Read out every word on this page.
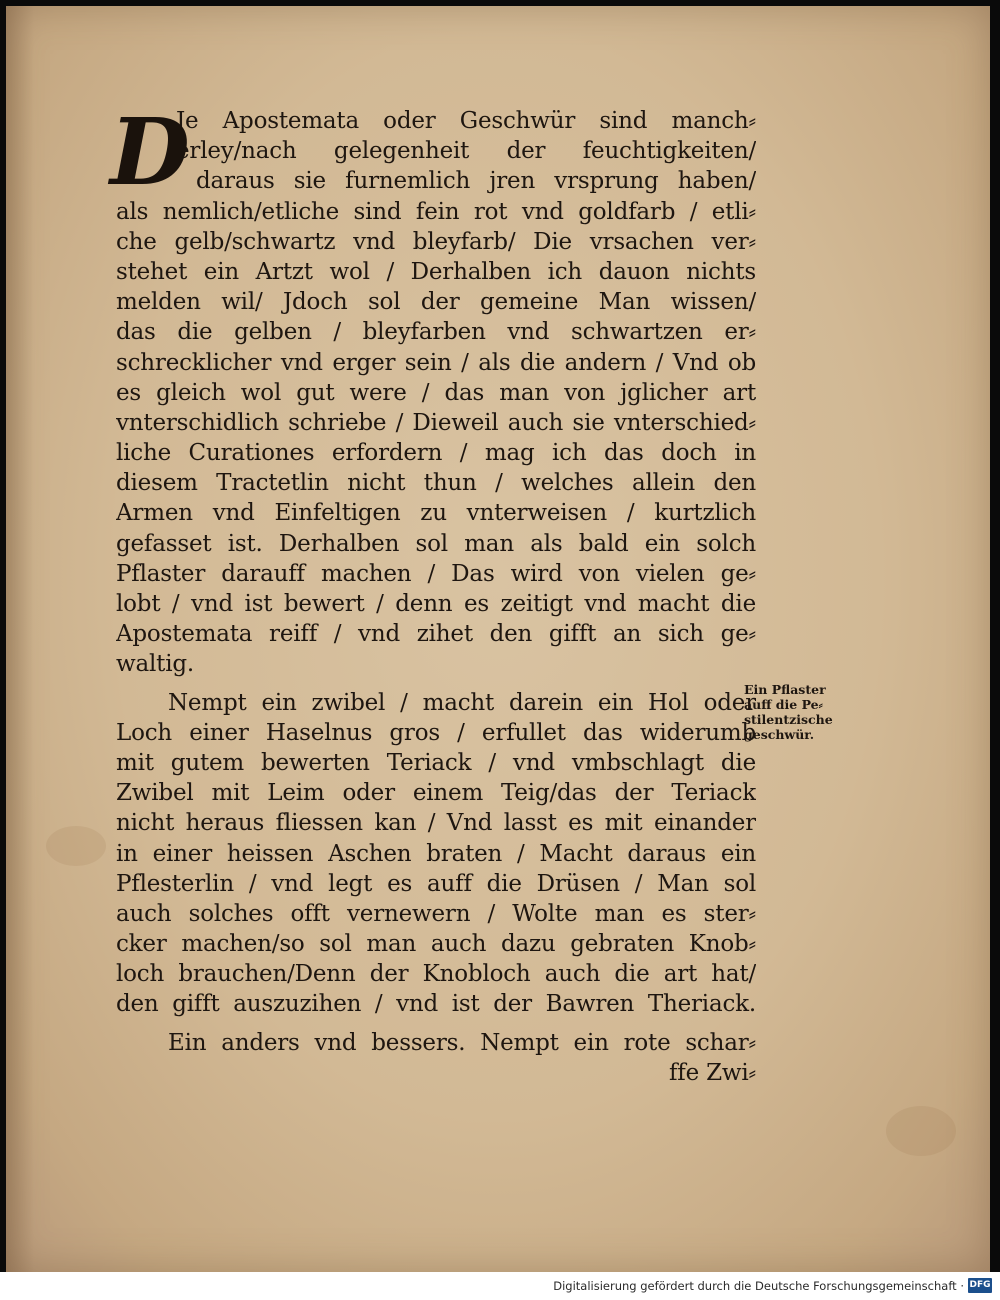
D
Je Apostemata oder Geschwür sind manch⸗
erley/nach gelegenheit der feuchtigkeiten/
daraus sie furnemlich jren vrsprung haben/
als nemlich/etliche sind fein rot vnd goldfarb / etli⸗
che gelb/schwartz vnd bleyfarb/ Die vrsachen ver⸗
stehet ein Artzt wol / Derhalben ich dauon nichts
melden wil/ Jdoch sol der gemeine Man wissen/
das die gelben / bleyfarben vnd schwartzen er⸗
schrecklicher vnd erger sein / als die andern / Vnd ob
es gleich wol gut were / das man von jglicher art
vnterschidlich schriebe / Dieweil auch sie vnterschied⸗
liche Curationes erfordern / mag ich das doch in
diesem Tractetlin nicht thun / welches allein den
Armen vnd Einfeltigen zu vnterweisen / kurtzlich
gefasset ist. Derhalben sol man als bald ein solch
Pflaster darauff machen / Das wird von vielen ge⸗
lobt / vnd ist bewert / denn es zeitigt vnd macht die
Apostemata reiff / vnd zihet den gifft an sich ge⸗
waltig.
Nempt ein zwibel / macht darein ein Hol oder
Loch einer Haselnus gros / erfullet das widerumb
mit gutem bewerten Teriack / vnd vmbschlagt die
Zwibel mit Leim oder einem Teig/das der Teriack
nicht heraus fliessen kan / Vnd lasst es mit einander
in einer heissen Aschen braten / Macht daraus ein
Pflesterlin / vnd legt es auff die Drüsen / Man sol
auch solches offt vernewern / Wolte man es ster⸗
cker machen/so sol man auch dazu gebraten Knob⸗
loch brauchen/Denn der Knobloch auch die art hat/
den gifft auszuzihen / vnd ist der Bawren Theriack.
Ein anders vnd bessers. Nempt ein rote schar⸗
ffe Zwi⸗
Ein Pflaster
auff die Pe⸗
stilentzische
geschwür.
Digitalisierung gefördert durch die Deutsche Forschungsgemeinschaft · DFG
